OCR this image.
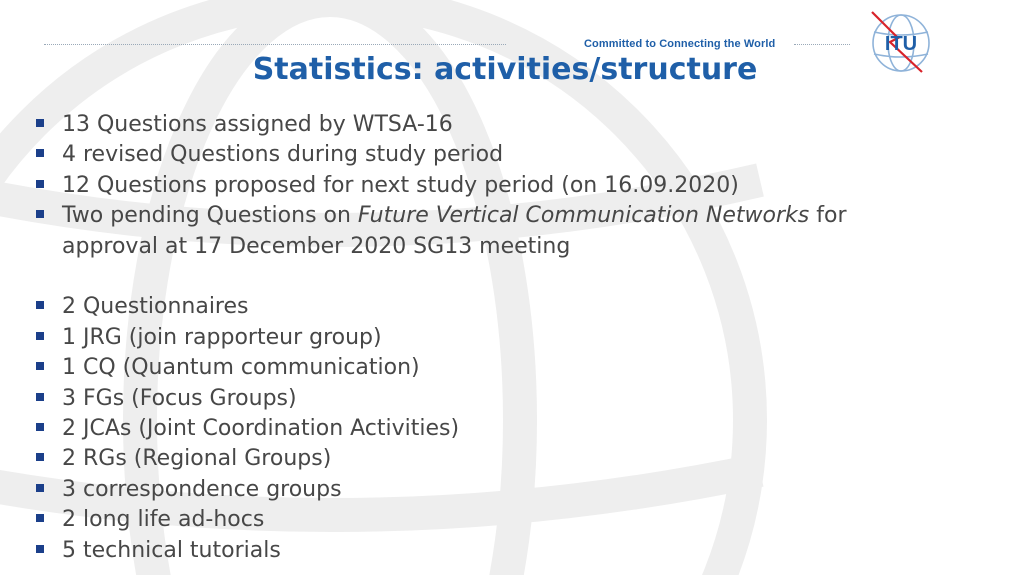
Committed to Connecting the World	ITU
Statistics: activities/structure
13 Questions assigned by WTSA-16
4 revised Questions during study period
12 Questions proposed for next study period (on 16.09.2020)
Two pending Questions on Future Vertical Communication Networks for approval at 17 December 2020 SG13 meeting
2 Questionnaires
1 JRG (join rapporteur group)
1 CQ (Quantum communication)
3 FGs (Focus Groups)
2 JCAs (Joint Coordination Activities)
2 RGs (Regional Groups)
3 correspondence groups
2 long life ad-hocs
5 technical tutorials
